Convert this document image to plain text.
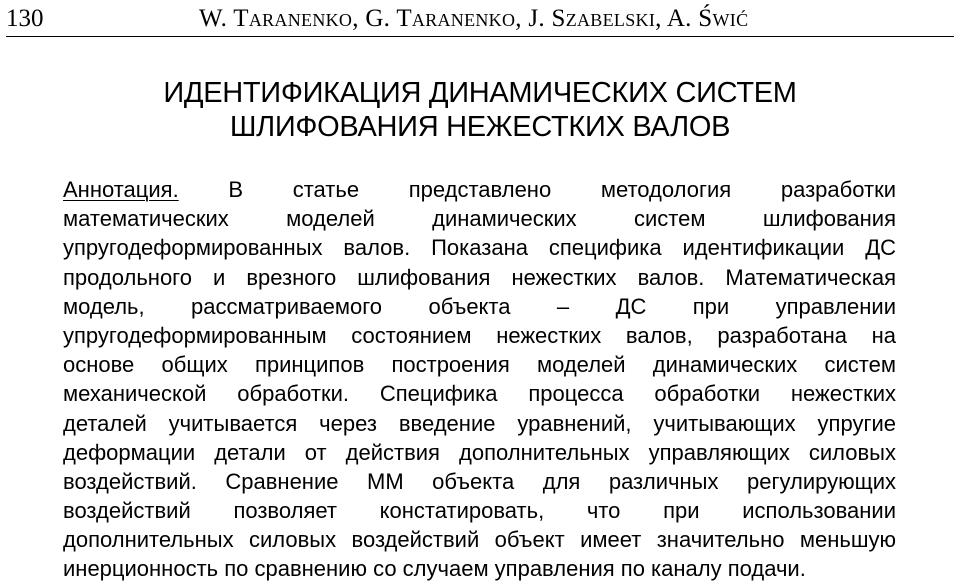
130	W. Taranenko, G. Taranenko, J. Szabelski, A. Świć
ИДЕНТИФИКАЦИЯ ДИНАМИЧЕСКИХ СИСТЕМ
ШЛИФОВАНИЯ НЕЖЕСТКИХ ВАЛОВ
Аннотация. В статье представлено методология разработки
математических моделей динамических систем шлифования
упругодеформированных валов. Показана специфика идентификации ДС
продольного и врезного шлифования нежестких валов. Математическая
модель, рассматриваемого объекта – ДС при управлении
упругодеформированным состоянием нежестких валов, разработана на
основе общих принципов построения моделей динамических систем
механической обработки. Специфика процесса обработки нежестких
деталей учитывается через введение уравнений, учитывающих упругие
деформации детали от действия дополнительных управляющих силовых
воздействий. Сравнение ММ объекта для различных регулирующих
воздействий позволяет констатировать, что при использовании
дополнительных силовых воздействий объект имеет значительно меньшую
инерционность по сравнению со случаем управления по каналу подачи.
